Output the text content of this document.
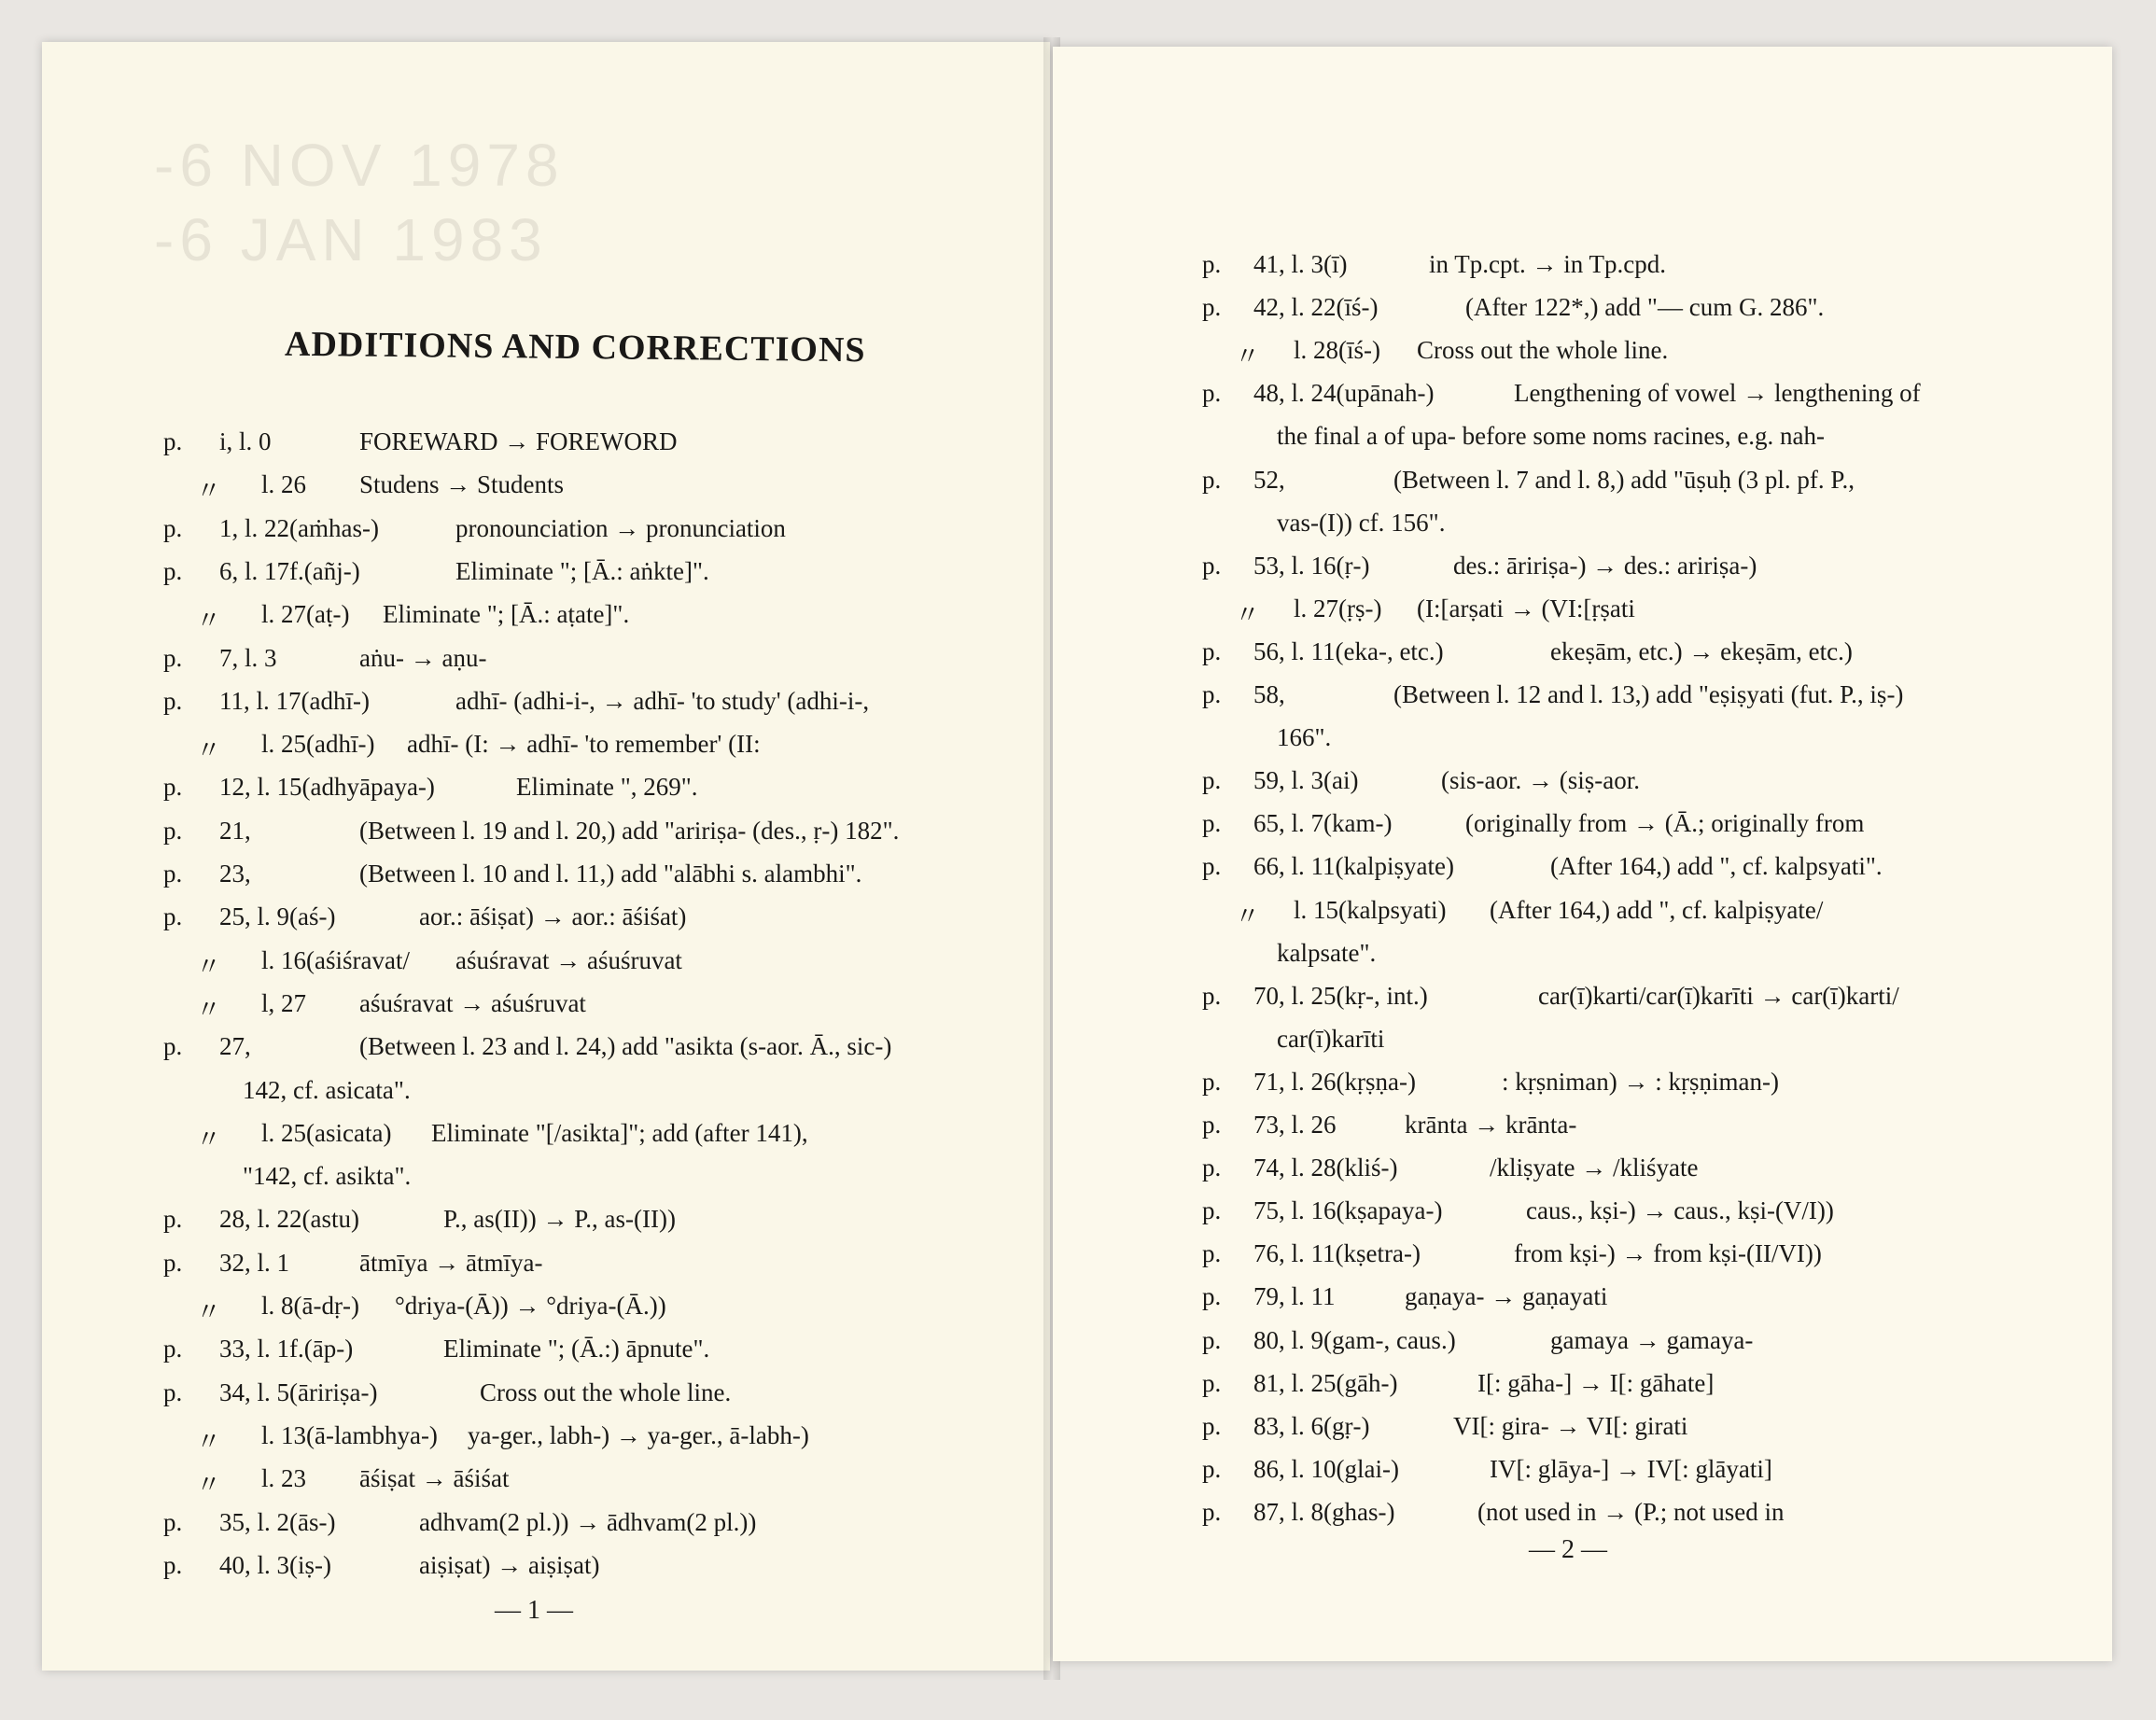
-6 NOV 1978
-6 JAN 1983
ADDITIONS AND CORRECTIONS
p. i, l. 0	FOREWARD → FOREWORD
〃 l. 26 Studens → Students
p. 1, l. 22(aṁhas-)	pronounciation → pronunciation
p. 6, l. 17f.(añj-)	Eliminate "; [Ā.: aṅkte]".
〃 l. 27(aṭ-) Eliminate "; [Ā.: aṭate]".
p. 7, l. 3	aṅu- → aṇu-
p. 11, l. 17(adhī-)	adhī- (adhi-i-, → adhī- 'to study' (adhi-i-,
〃 l. 25(adhī-) adhī- (I: → adhī- 'to remember' (II:
p. 12, l. 15(adhyāpaya-)	Eliminate ", 269".
p. 21,	(Between l. 19 and l. 20,) add "aririṣa- (des., ṛ-) 182".
p. 23,	(Between l. 10 and l. 11,) add "alābhi s. alambhi".
p. 25, l. 9(aś-)	aor.: āśiṣat) → aor.: āśiśat)
〃 l. 16(aśiśravat/ aśuśravat → aśuśruvat
〃 l, 27 aśuśravat → aśuśruvat
p. 27,	(Between l. 23 and l. 24,) add "asikta (s-aor. Ā., sic-)
142, cf. asicata".
〃 l. 25(asicata) Eliminate "[/asikta]"; add (after 141),
"142, cf. asikta".
p. 28, l. 22(astu)	P., as(II)) → P., as-(II))
p. 32, l. 1	ātmīya → ātmīya-
〃 l. 8(ā-dṛ-) °driya-(Ā)) → °driya-(Ā.))
p. 33, l. 1f.(āp-)	Eliminate "; (Ā.:) āpnute".
p. 34, l. 5(āririṣa-)	Cross out the whole line.
〃 l. 13(ā-lambhya-) ya-ger., labh-) → ya-ger., ā-labh-)
〃 l. 23 āśiṣat → āśiśat
p. 35, l. 2(ās-)	adhvam(2 pl.)) → ādhvam(2 pl.))
p. 40, l. 3(iṣ-)	aiṣiṣat) → aiṣiṣat)
— 1 —
p. 41, l. 3(ī)	in Tp.cpt. → in Tp.cpd.
p. 42, l. 22(īś-)	(After 122*,) add "— cum G. 286".
〃 l. 28(īś-) Cross out the whole line.
p. 48, l. 24(upānah-)	Lengthening of vowel → lengthening of
the final a of upa- before some noms racines, e.g. nah-
p. 52,	(Between l. 7 and l. 8,) add "ūṣuḥ (3 pl. pf. P.,
vas-(I)) cf. 156".
p. 53, l. 16(ṛ-)	des.: āririṣa-) → des.: aririṣa-)
〃 l. 27(ṛṣ-) (I:[arṣati → (VI:[ṛṣati
p. 56, l. 11(eka-, etc.)	ekeṣām, etc.) → ekeṣām, etc.)
p. 58,	(Between l. 12 and l. 13,) add "eṣiṣyati (fut. P., iṣ-)
166".
p. 59, l. 3(ai)	(sis-aor. → (siṣ-aor.
p. 65, l. 7(kam-)	(originally from → (Ā.; originally from
p. 66, l. 11(kalpiṣyate)	(After 164,) add ", cf. kalpsyati".
〃 l. 15(kalpsyati) (After 164,) add ", cf. kalpiṣyate/
kalpsate".
p. 70, l. 25(kṛ-, int.)	car(ī)karti/car(ī)karīti → car(ī)karti/
car(ī)karīti
p. 71, l. 26(kṛṣṇa-)	: kṛṣniman) → : kṛṣṇiman-)
p. 73, l. 26	krānta → krānta-
p. 74, l. 28(kliś-)	/kliṣyate → /kliśyate
p. 75, l. 16(kṣapaya-)	caus., kṣi-) → caus., kṣi-(V/I))
p. 76, l. 11(kṣetra-)	from kṣi-) → from kṣi-(II/VI))
p. 79, l. 11	gaṇaya- → gaṇayati
p. 80, l. 9(gam-, caus.)	gamaya → gamaya-
p. 81, l. 25(gāh-)	I[: gāha-] → I[: gāhate]
p. 83, l. 6(gṛ-)	VI[: gira- → VI[: girati
p. 86, l. 10(glai-)	IV[: glāya-] → IV[: glāyati]
p. 87, l. 8(ghas-)	(not used in → (P.; not used in
— 2 —
